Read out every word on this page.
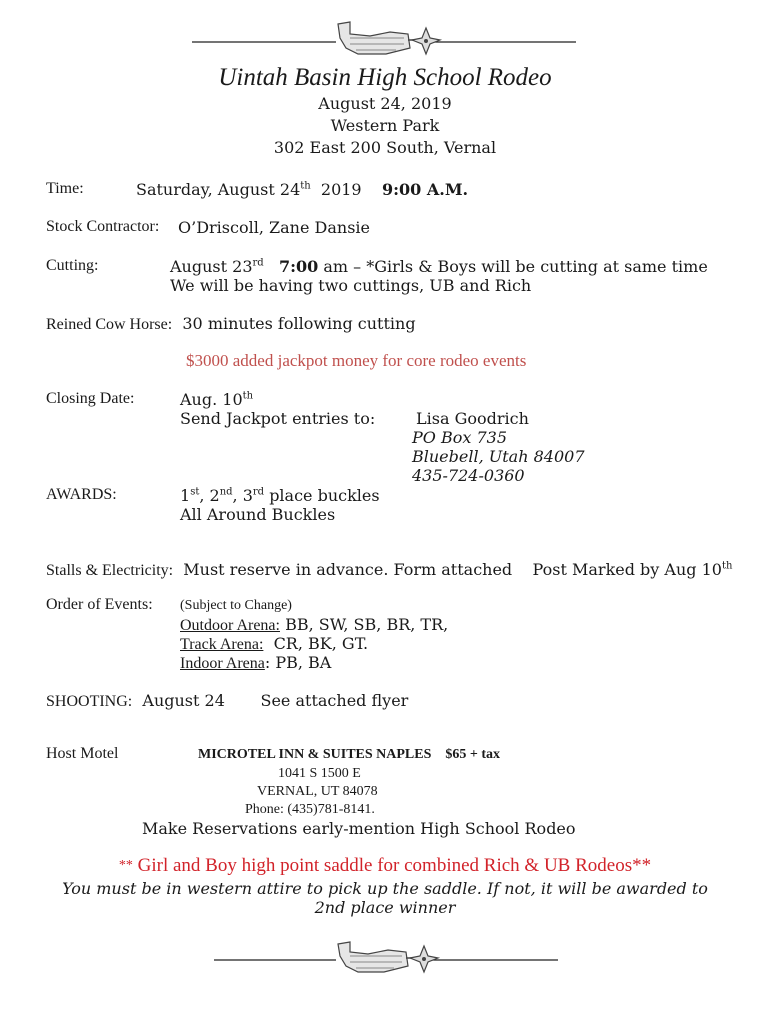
Uintah Basin High School Rodeo
August 24, 2019
Western Park
302 East 200 South, Vernal
Time:	Saturday, August 24th 2019 9:00 A.M.
Stock Contractor: O’Driscoll, Zane Dansie
Cutting:	August 23rd 7:00 am – *Girls & Boys will be cutting at same time
We will be having two cuttings, UB and Rich
Reined Cow Horse: 30 minutes following cutting
$3000 added jackpot money for core rodeo events
Closing Date:	Aug. 10th
Send Jackpot entries to:	Lisa Goodrich
PO Box 735
Bluebell, Utah 84007
435-724-0360
AWARDS:	1st, 2nd, 3rd place buckles
All Around Buckles
Stalls & Electricity: Must reserve in advance. Form attached Post Marked by Aug 10th
Order of Events: (Subject to Change)
Outdoor Arena: BB, SW, SB, BR, TR,
Track Arena: CR, BK, GT.
Indoor Arena: PB, BA
SHOOTING: August 24 See attached flyer
Host Motel	MICROTEL INN & SUITES NAPLES $65 + tax
1041 S 1500 E
VERNAL, UT 84078
Phone: (435)781-8141.
Make Reservations early-mention High School Rodeo
** Girl and Boy high point saddle for combined Rich & UB Rodeos**
You must be in western attire to pick up the saddle. If not, it will be awarded to
2nd place winner
